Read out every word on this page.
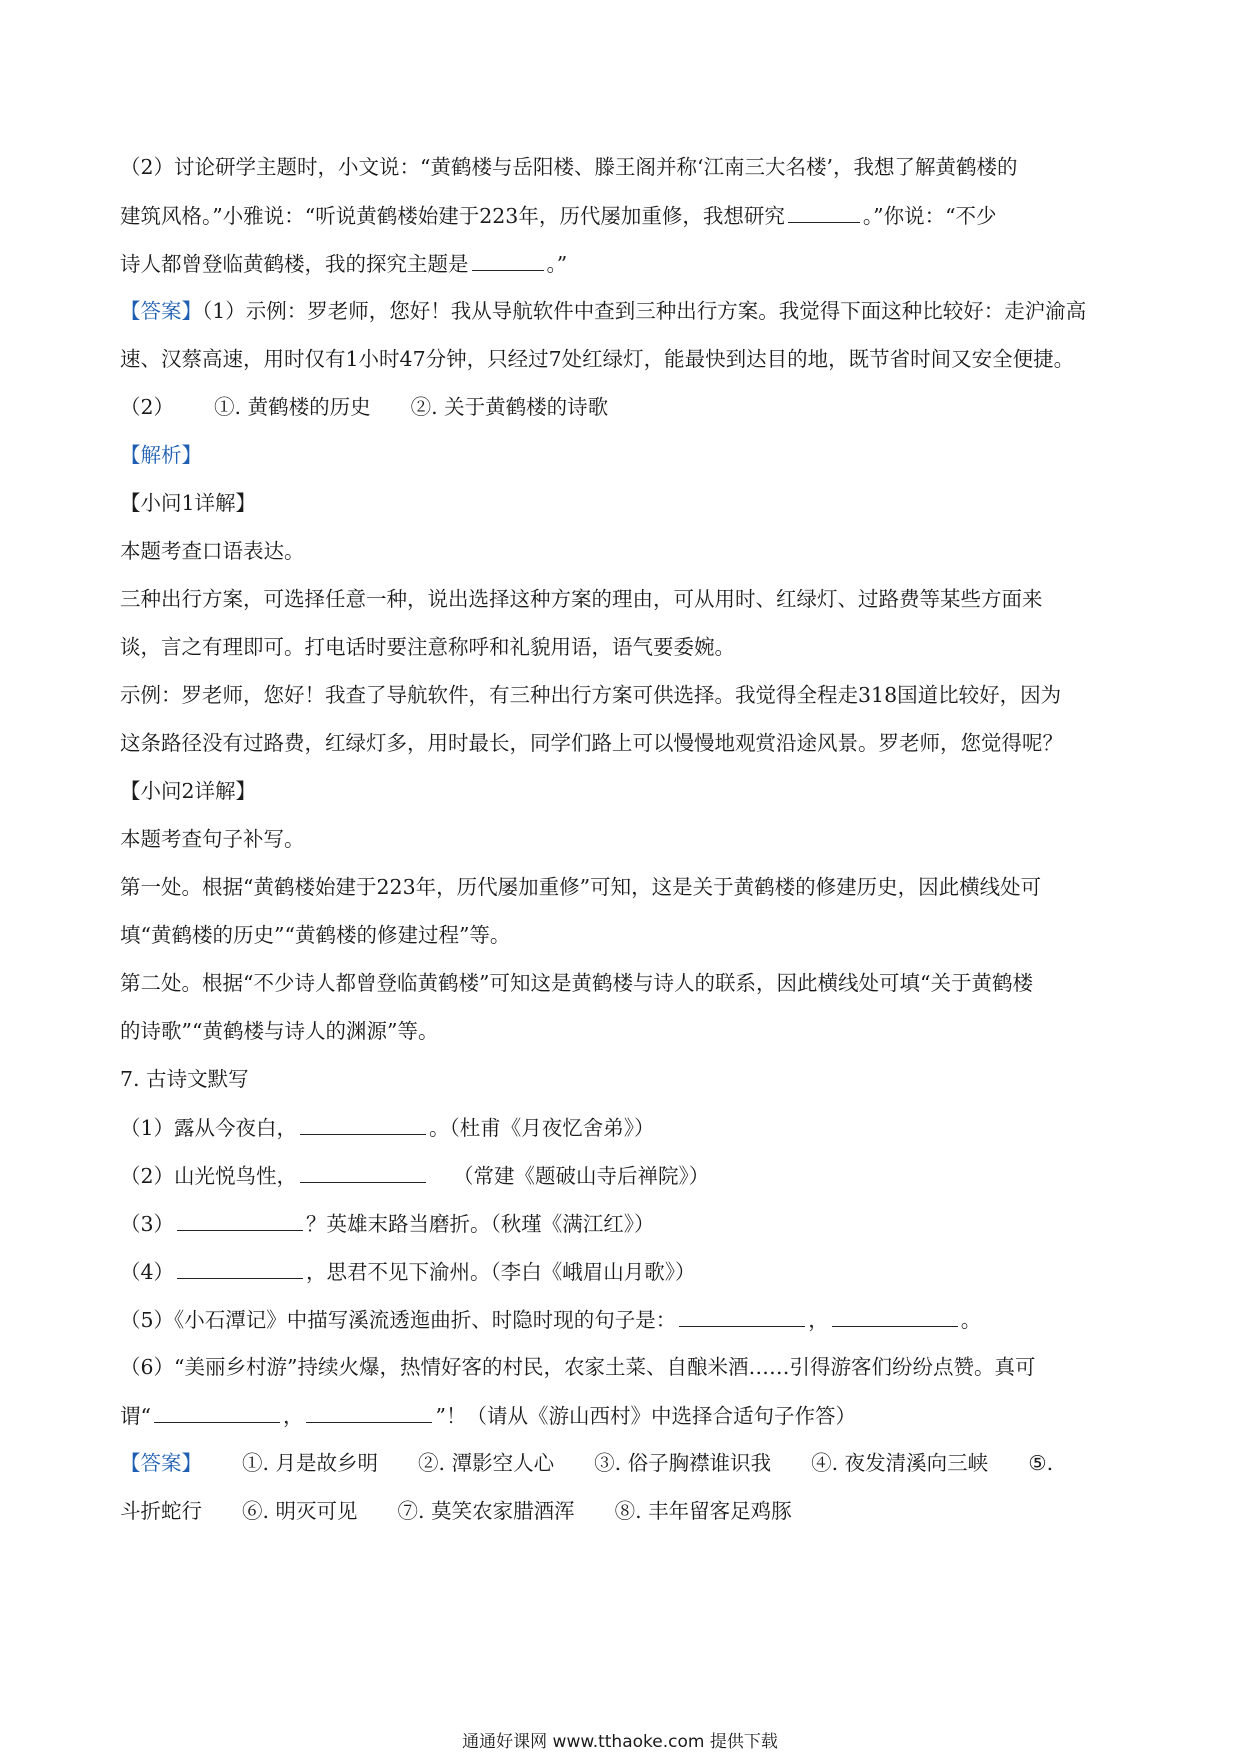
（2）讨论研学主题时，小文说：“黄鹤楼与岳阳楼、滕王阁并称‘江南三大名楼’，我想了解黄鹤楼的
建筑风格。”小雅说：“听说黄鹤楼始建于223年，历代屡加重修，我想研究	。”你说：“不少
诗人都曾登临黄鹤楼，我的探究主题是	。”
【答案】（1）示例：罗老师，您好！我从导航软件中查到三种出行方案。我觉得下面这种比较好：走沪渝高
速、汉蔡高速，用时仅有1小时47分钟，只经过7处红绿灯，能最快到达目的地，既节省时间又安全便捷。
（2） ①. 黄鹤楼的历史 ②. 关于黄鹤楼的诗歌
【解析】
【小问1详解】
本题考查口语表达。
三种出行方案，可选择任意一种，说出选择这种方案的理由，可从用时、红绿灯、过路费等某些方面来
谈，言之有理即可。打电话时要注意称呼和礼貌用语，语气要委婉。
示例：罗老师，您好！我查了导航软件，有三种出行方案可供选择。我觉得全程走318国道比较好，因为
这条路径没有过路费，红绿灯多，用时最长，同学们路上可以慢慢地观赏沿途风景。罗老师，您觉得呢？
【小问2详解】
本题考查句子补写。
第一处。根据“黄鹤楼始建于223年，历代屡加重修”可知，这是关于黄鹤楼的修建历史，因此横线处可
填“黄鹤楼的历史”“黄鹤楼的修建过程”等。
第二处。根据“不少诗人都曾登临黄鹤楼”可知这是黄鹤楼与诗人的联系，因此横线处可填“关于黄鹤楼
的诗歌”“黄鹤楼与诗人的渊源”等。
7. 古诗文默写
（1）露从今夜白，	。（杜甫《月夜忆舍弟》）
（2）山光悦鸟性，	（常建《题破山寺后禅院》）
（3）	？英雄末路当磨折。（秋瑾《满江红》）
（4）	，思君不见下渝州。（李白《峨眉山月歌》）
（5）《小石潭记》中描写溪流透迤曲折、时隐时现的句子是：	，	。
（6）“美丽乡村游”持续火爆，热情好客的村民，农家土菜、自酿米酒……引得游客们纷纷点赞。真可
谓“	，	”！（请从《游山西村》中选择合适句子作答）
【答案】 ①. 月是故乡明 ②. 潭影空人心 ③. 俗子胸襟谁识我 ④. 夜发清溪向三峡 ⑤.
斗折蛇行 ⑥. 明灭可见 ⑦. 莫笑农家腊酒浑 ⑧. 丰年留客足鸡豚
通通好课网 www.tthaoke.com 提供下载
